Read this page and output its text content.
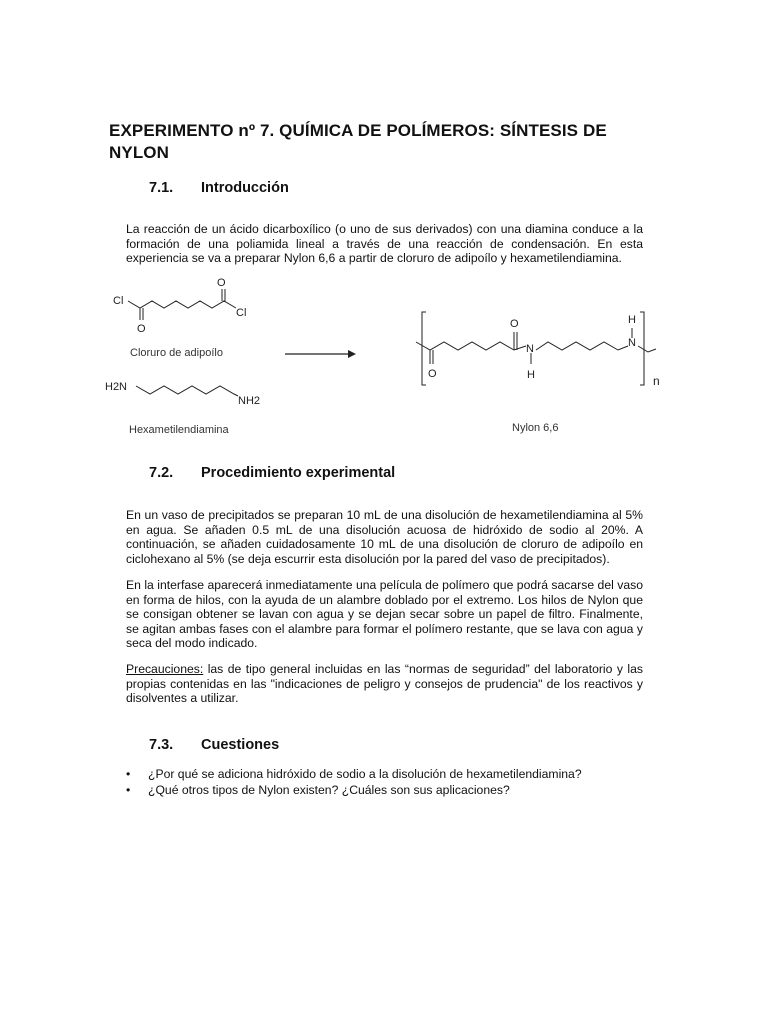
EXPERIMENTO nº 7. QUÍMICA DE POLÍMEROS: SÍNTESIS DE NYLON
7.1. Introducción
La reacción de un ácido dicarboxílico (o uno de sus derivados) con una diamina conduce a la formación de una poliamida lineal a través de una reacción de condensación. En esta experiencia se va a preparar Nylon 6,6 a partir de cloruro de adipoílo y hexametilendiamina.
Cl
Cl
O
O
Cloruro de adipoílo
H2N
NH2
Hexametilendiamina
O
O
N
H
N
H
n
Nylon 6,6
7.2. Procedimiento experimental
En un vaso de precipitados se preparan 10 mL de una disolución de hexametilendiamina al 5% en agua. Se añaden 0.5 mL de una disolución acuosa de hidróxido de sodio al 20%. A continuación, se añaden cuidadosamente 10 mL de una disolución de cloruro de adipoílo en ciclohexano al 5% (se deja escurrir esta disolución por la pared del vaso de precipitados).
En la interfase aparecerá inmediatamente una película de polímero que podrá sacarse del vaso en forma de hilos, con la ayuda de un alambre doblado por el extremo. Los hilos de Nylon que se consigan obtener se lavan con agua y se dejan secar sobre un papel de filtro. Finalmente, se agitan ambas fases con el alambre para formar el polímero restante, que se lava con agua y seca del modo indicado.
Precauciones: las de tipo general incluidas en las “normas de seguridad” del laboratorio y las propias contenidas en las "indicaciones de peligro y consejos de prudencia" de los reactivos y disolventes a utilizar.
7.3. Cuestiones
• ¿Por qué se adiciona hidróxido de sodio a la disolución de hexametilendiamina?
• ¿Qué otros tipos de Nylon existen? ¿Cuáles son sus aplicaciones?
